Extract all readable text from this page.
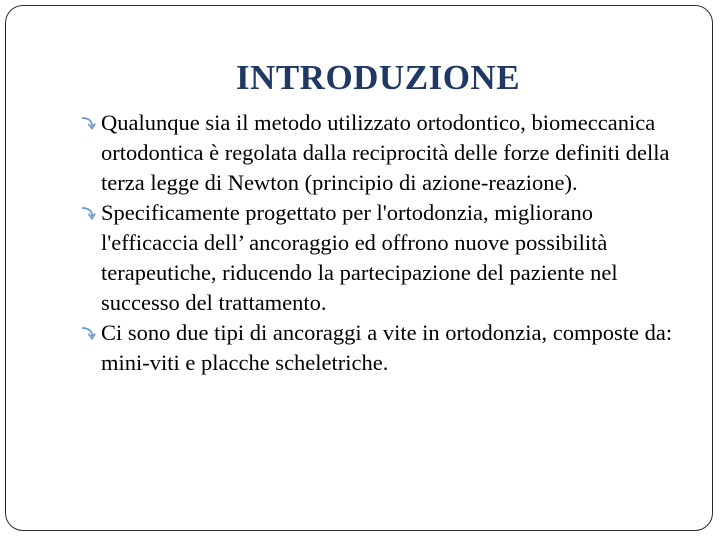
INTRODUZIONE
Qualunque sia il metodo utilizzato ortodontico, biomeccanica ortodontica è regolata dalla reciprocità delle forze definiti della terza legge di Newton (principio di azione-reazione).
Specificamente progettato per l'ortodonzia, migliorano l'efficaccia dell’ ancoraggio ed offrono nuove possibilità terapeutiche, riducendo la partecipazione del paziente nel successo del trattamento.
Ci sono due tipi di ancoraggi a vite in ortodonzia, composte da: mini-viti e placche scheletriche.
